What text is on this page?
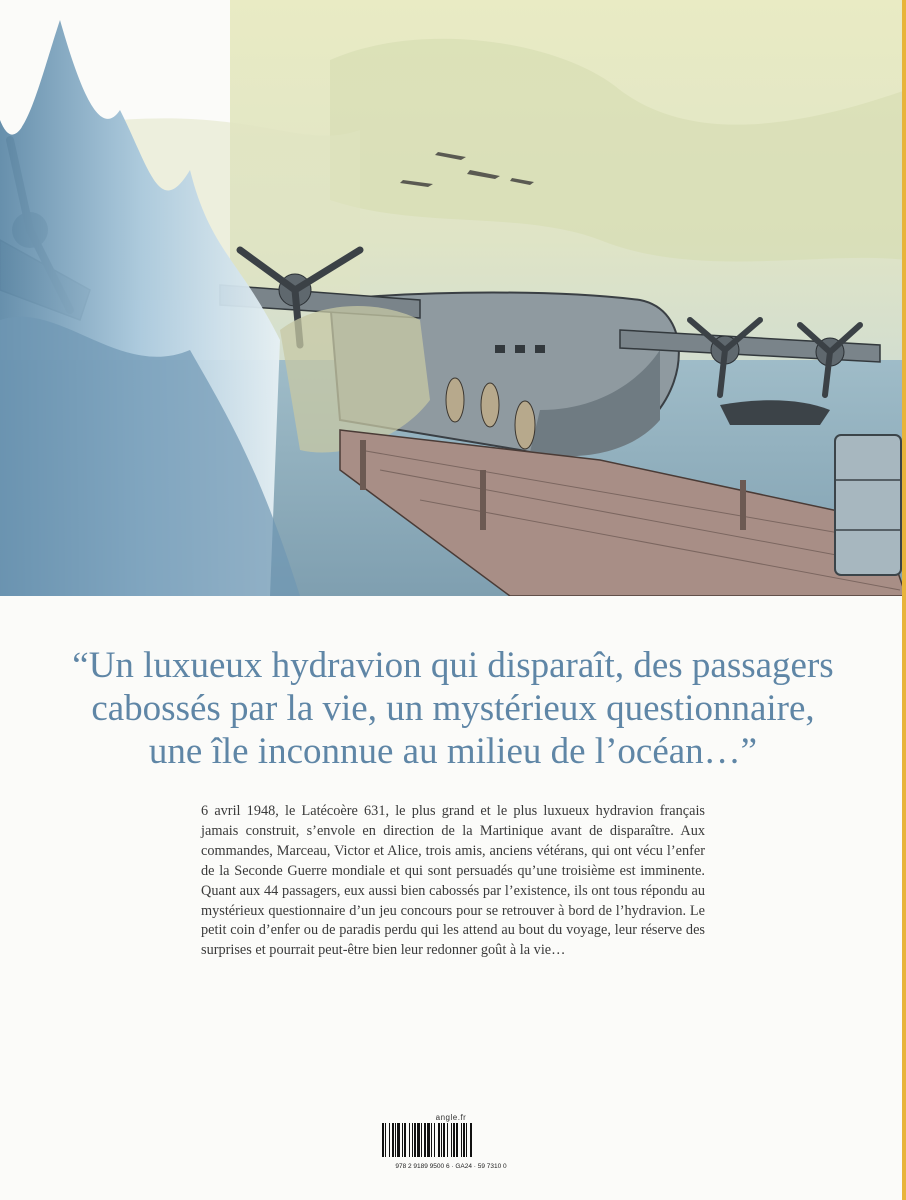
“Un luxueux hydravion qui disparaît, des passagers
cabossés par la vie, un mystérieux questionnaire,
une île inconnue au milieu de l’océan…”

6 avril 1948, le Latécoère 631, le plus grand et le plus luxueux hydravion français jamais construit, s’envole en direction de la Martinique avant de disparaître. Aux commandes, Marceau, Victor et Alice, trois amis, anciens vétérans, qui ont vécu l’enfer de la Seconde Guerre mondiale et qui sont persuadés qu’une troisième est imminente. Quant aux 44 passagers, eux aussi bien cabossés par l’existence, ils ont tous répondu au mystérieux questionnaire d’un jeu concours pour se retrouver à bord de l’hydravion. Le petit coin d’enfer ou de paradis perdu qui les attend au bout du voyage, leur réserve des surprises et pourrait peut-être bien leur redonner goût à la vie…

angle.fr
978 2 9189 9500 6 · GA24 · 59 7310 0
